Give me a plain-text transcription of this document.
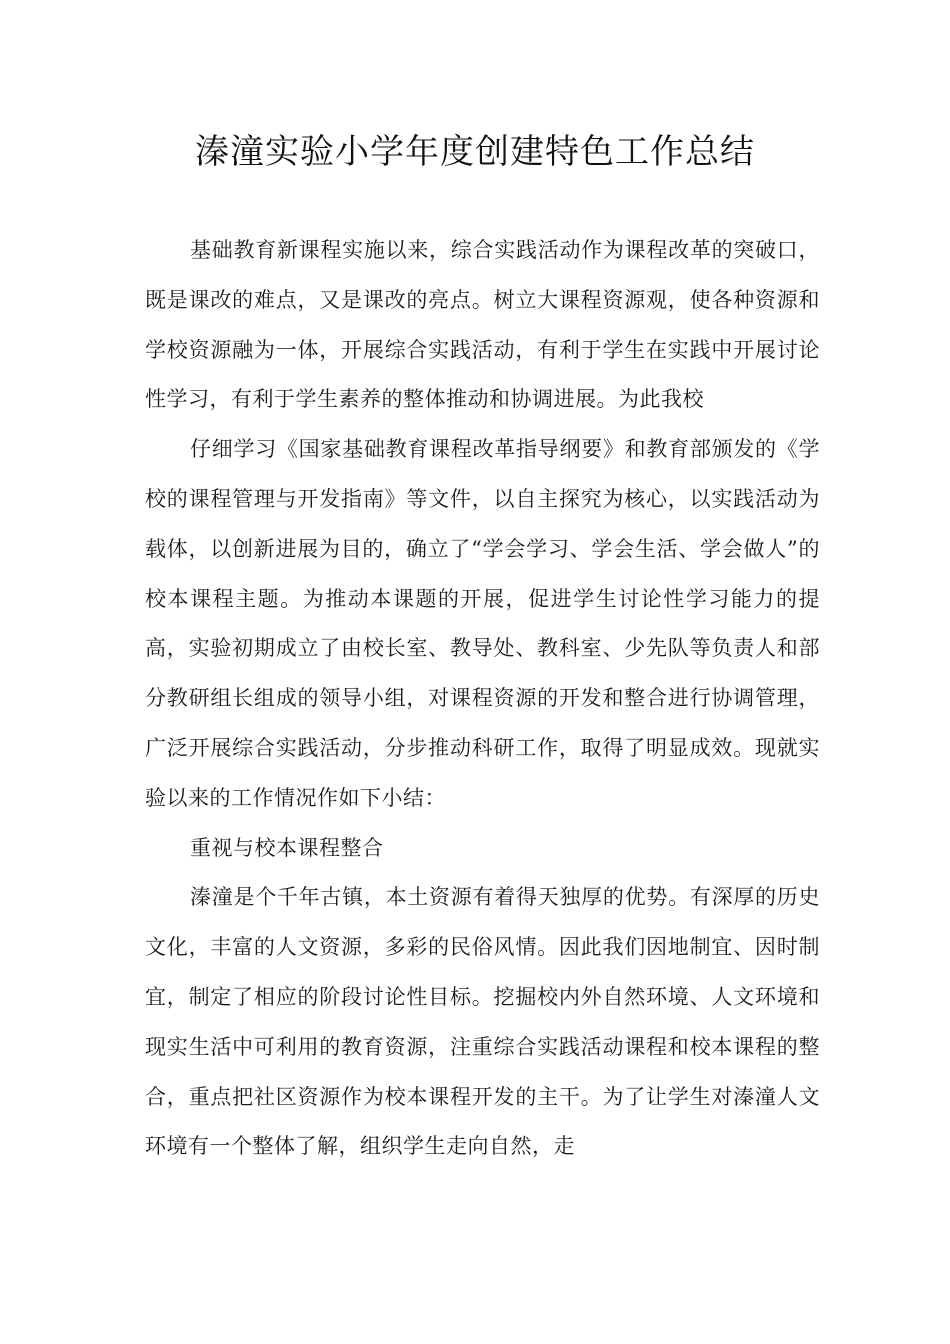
溱潼实验小学年度创建特色工作总结

基础教育新课程实施以来，综合实践活动作为课程改革的突破口，既是课改的难点，又是课改的亮点。树立大课程资源观，使各种资源和学校资源融为一体，开展综合实践活动，有利于学生在实践中开展讨论性学习，有利于学生素养的整体推动和协调进展。为此我校

仔细学习《国家基础教育课程改革指导纲要》和教育部颁发的《学校的课程管理与开发指南》等文件，以自主探究为核心，以实践活动为载体，以创新进展为目的，确立了“学会学习、学会生活、学会做人”的校本课程主题。为推动本课题的开展，促进学生讨论性学习能力的提高，实验初期成立了由校长室、教导处、教科室、少先队等负责人和部分教研组长组成的领导小组，对课程资源的开发和整合进行协调管理，广泛开展综合实践活动，分步推动科研工作，取得了明显成效。现就实验以来的工作情况作如下小结：

重视与校本课程整合

溱潼是个千年古镇，本土资源有着得天独厚的优势。有深厚的历史文化，丰富的人文资源，多彩的民俗风情。因此我们因地制宜、因时制宜，制定了相应的阶段讨论性目标。挖掘校内外自然环境、人文环境和现实生活中可利用的教育资源，注重综合实践活动课程和校本课程的整合，重点把社区资源作为校本课程开发的主干。为了让学生对溱潼人文环境有一个整体了解，组织学生走向自然，走
